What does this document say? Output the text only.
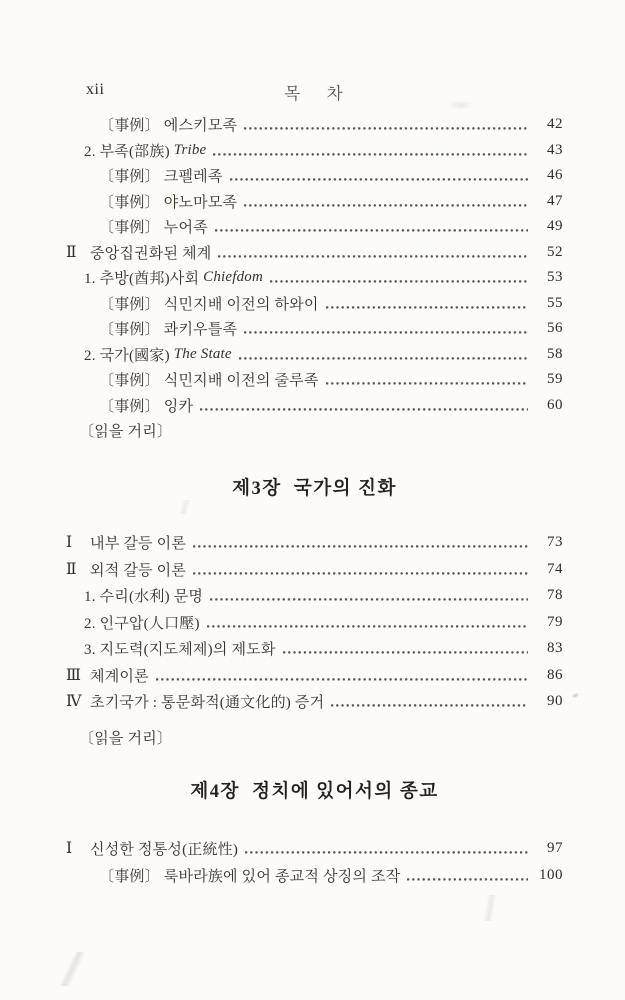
xii	목    차
〔事例〕 에스키모족	42
2. 부족(部族) Tribe	43
〔事例〕 크펠레족	46
〔事例〕 야노마모족	47
〔事例〕 누어족	49
Ⅱ 중앙집권화된 체계	52
1. 추방(酋邦)사회 Chiefdom	53
〔事例〕 식민지배 이전의 하와이	55
〔事例〕 콰키우틀족	56
2. 국가(國家) The State	58
〔事例〕 식민지배 이전의 줄루족	59
〔事例〕 잉카	60
〔읽을 거리〕
제3장  국가의 진화
Ⅰ	내부 갈등 이론	73
Ⅱ 외적 갈등 이론	74
1. 수리(水利) 문명	78
2. 인구압(人口壓)	79
3. 지도력(지도체제)의 제도화	83
Ⅲ 체계이론	86
Ⅳ 초기국가 : 통문화적(通文化的) 증거	90
〔읽을 거리〕
제4장  정치에 있어서의 종교
Ⅰ	신성한 정통성(正統性)	97
〔事例〕 룩바라族에 있어 종교적 상징의 조작	100
